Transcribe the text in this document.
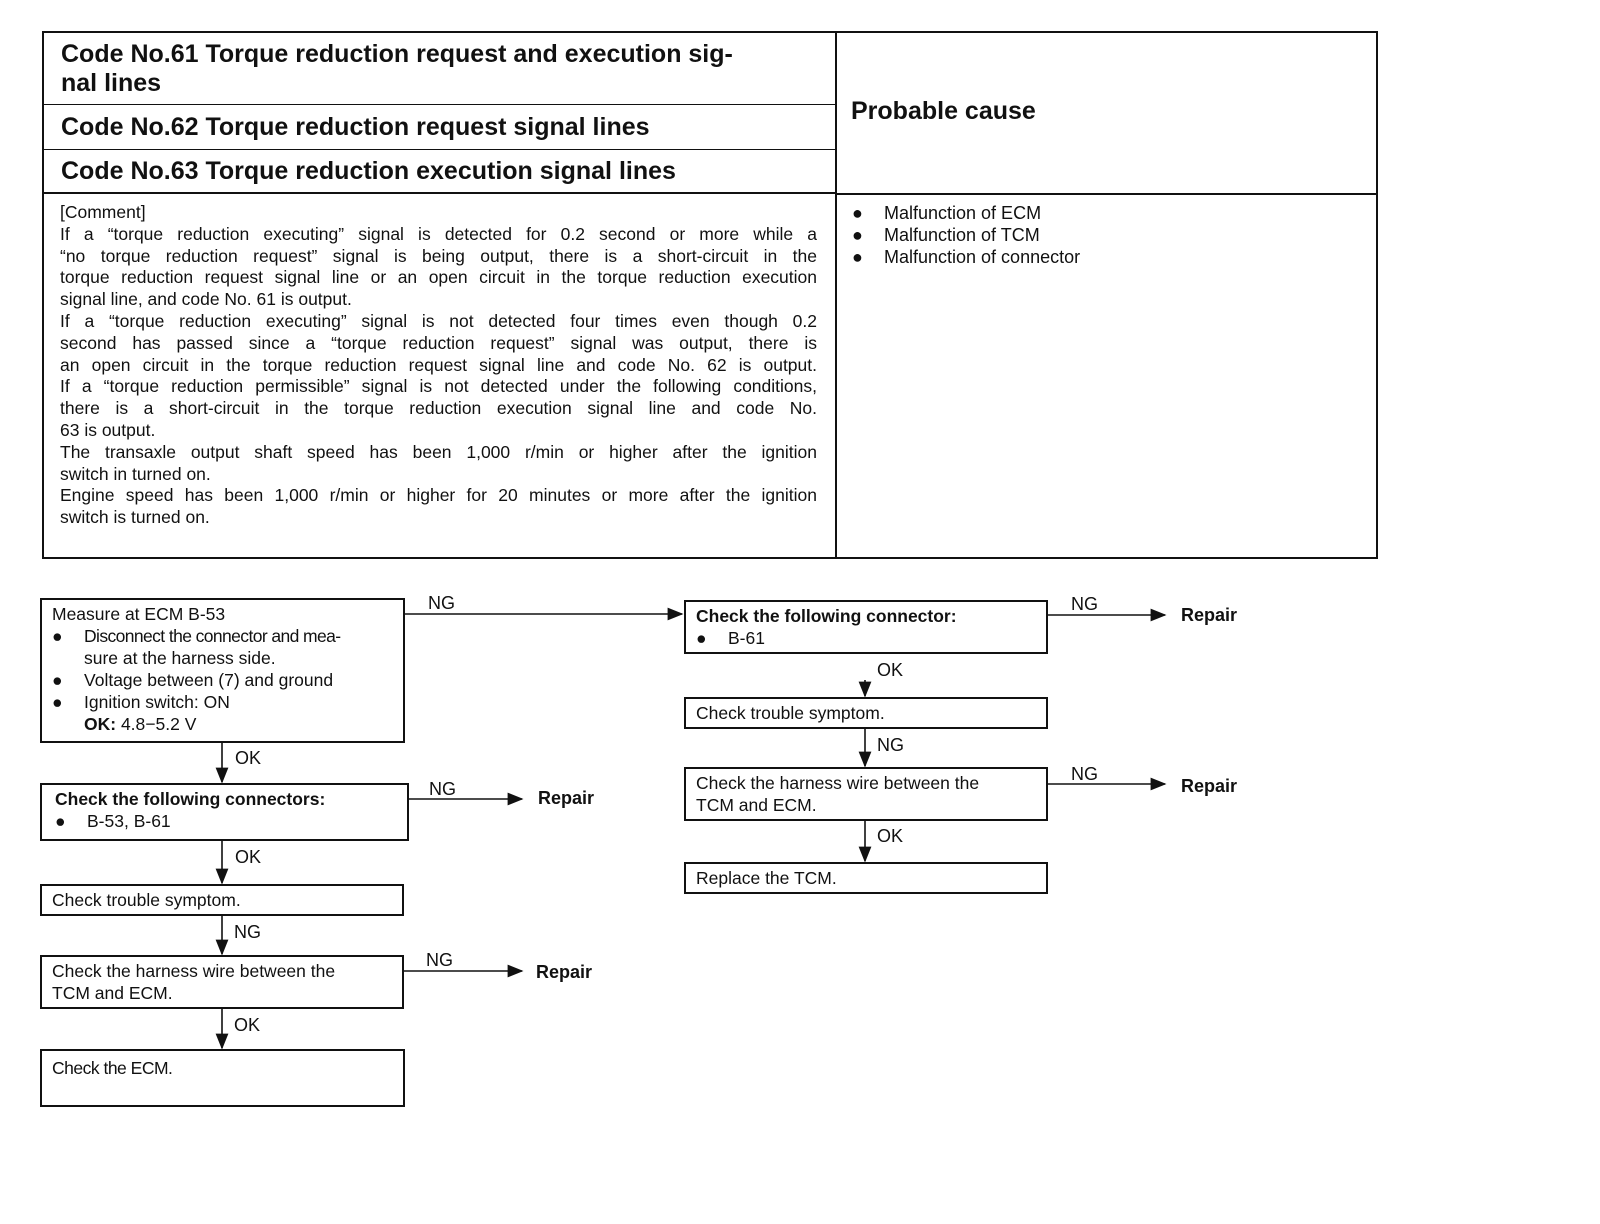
Code No.61 Torque reduction request and execution sig-
nal lines
Code No.62 Torque reduction request signal lines
Code No.63 Torque reduction execution signal lines
Probable cause
[Comment]
If a “torque reduction executing” signal is detected for 0.2 second or more while a
“no torque reduction request” signal is being output, there is a short-circuit in the
torque reduction request signal line or an open circuit in the torque reduction execution
signal line, and code No. 61 is output.
If a “torque reduction executing” signal is not detected four times even though 0.2
second has passed since a “torque reduction request” signal was output, there is
an open circuit in the torque reduction request signal line and code No. 62 is output.
If a “torque reduction permissible” signal is not detected under the following conditions,
there is a short-circuit in the torque reduction execution signal line and code No.
63 is output.
The transaxle output shaft speed has been 1,000 r/min or higher after the ignition
switch in turned on.
Engine speed has been 1,000 r/min or higher for 20 minutes or more after the ignition
switch is turned on.
●	Malfunction of ECM
●	Malfunction of TCM
●	Malfunction of connector
Measure at ECM B-53
●	Disconnect the connector and mea-
sure at the harness side.
●	Voltage between (7) and ground
●	Ignition switch: ON
OK:
4.8−5.2 V
Check the following connectors:
●	B-53, B-61
Check trouble symptom.
Check the harness wire between the
TCM and ECM.
Check the ECM.
NG
OK
NG	Repair
OK
NG
NG
Repair
OK
Check the following connector:
●	B-61
Check trouble symptom.
Check the harness wire between the
TCM and ECM.
Replace the TCM.
NG
Repair
OK
NG
NG
Repair
OK
